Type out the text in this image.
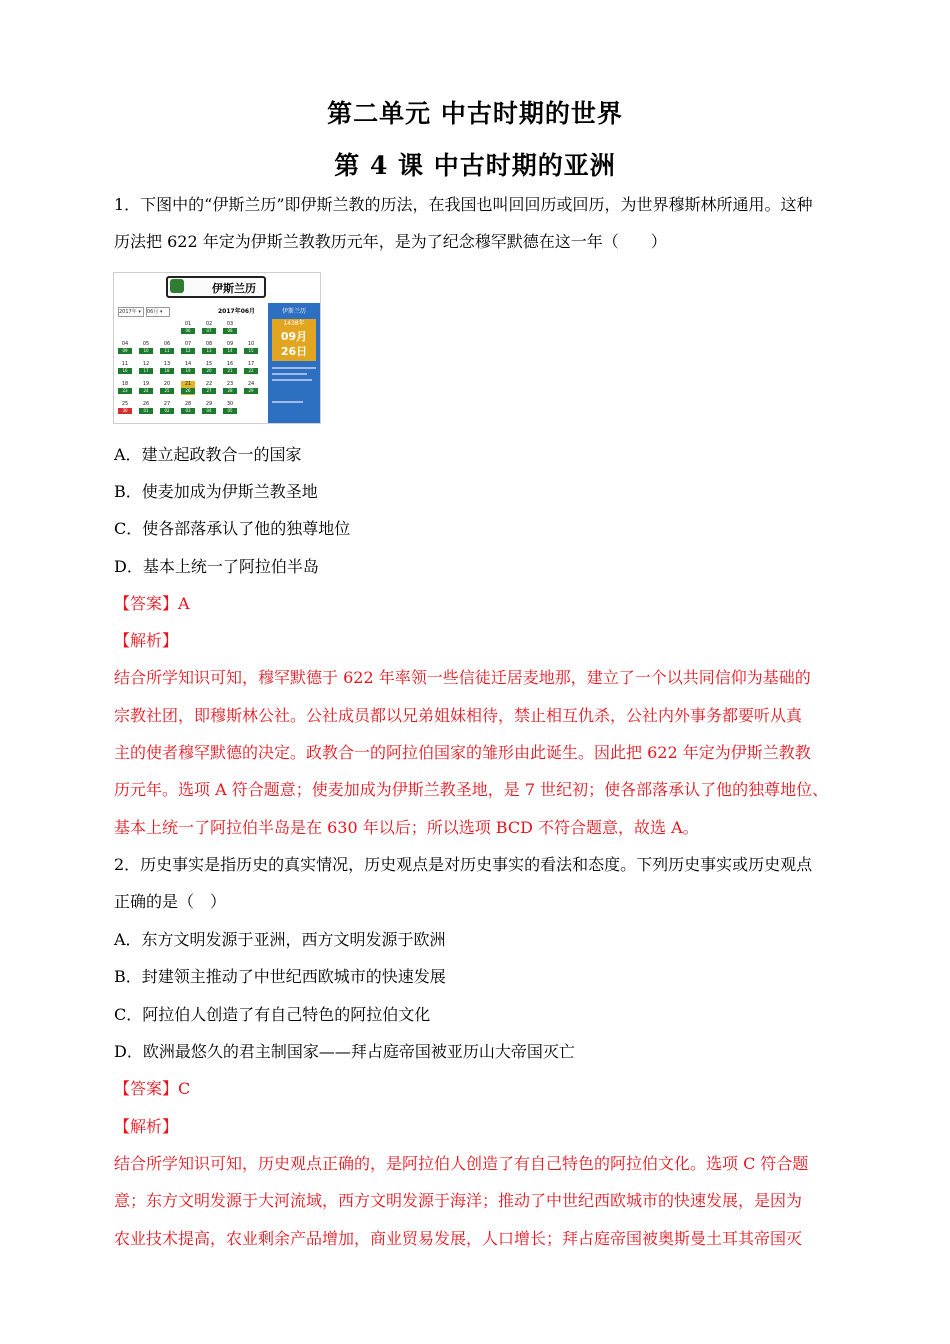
第二单元 中古时期的世界
第 4 课 中古时期的亚洲
1．下图中的“伊斯兰历”即伊斯兰教的历法，在我国也叫回回历或回历，为世界穆斯林所通用。这种
历法把 622 年定为伊斯兰教教历元年，是为了纪念穆罕默德在这一年（　　）
伊斯兰历
2017年 ▾	06月 ▾	2017年06月
01
06
02
07
03
08
04
09
05
10
06
11
07
12
08
13
09
14
10
15
11
16
12
17
13
18
14
19
15
20
16
21
17
22
18
23
19
24
20
25
21
26
22
27
23
28
24
29
25
30
26
01
27
02
28
03
29
04
30
05
伊斯兰历
1438年
09月
26日
A．建立起政教合一的国家
B．使麦加成为伊斯兰教圣地
C．使各部落承认了他的独尊地位
D．基本上统一了阿拉伯半岛
【答案】A
【解析】
结合所学知识可知，穆罕默德于 622 年率领一些信徒迁居麦地那，建立了一个以共同信仰为基础的
宗教社团，即穆斯林公社。公社成员都以兄弟姐妹相待，禁止相互仇杀，公社内外事务都要听从真
主的使者穆罕默德的决定。政教合一的阿拉伯国家的雏形由此诞生。因此把 622 年定为伊斯兰教教
历元年。选项 A 符合题意；使麦加成为伊斯兰教圣地，是 7 世纪初；使各部落承认了他的独尊地位、
基本上统一了阿拉伯半岛是在 630 年以后；所以选项 BCD 不符合题意，故选 A。
2．历史事实是指历史的真实情况，历史观点是对历史事实的看法和态度。下列历史事实或历史观点
正确的是（　）
A．东方文明发源于亚洲，西方文明发源于欧洲
B．封建领主推动了中世纪西欧城市的快速发展
C．阿拉伯人创造了有自己特色的阿拉伯文化
D．欧洲最悠久的君主制国家——拜占庭帝国被亚历山大帝国灭亡
【答案】C
【解析】
结合所学知识可知，历史观点正确的，是阿拉伯人创造了有自己特色的阿拉伯文化。选项 C 符合题
意；东方文明发源于大河流域，西方文明发源于海洋；推动了中世纪西欧城市的快速发展，是因为
农业技术提高，农业剩余产品增加，商业贸易发展，人口增长；拜占庭帝国被奥斯曼土耳其帝国灭
